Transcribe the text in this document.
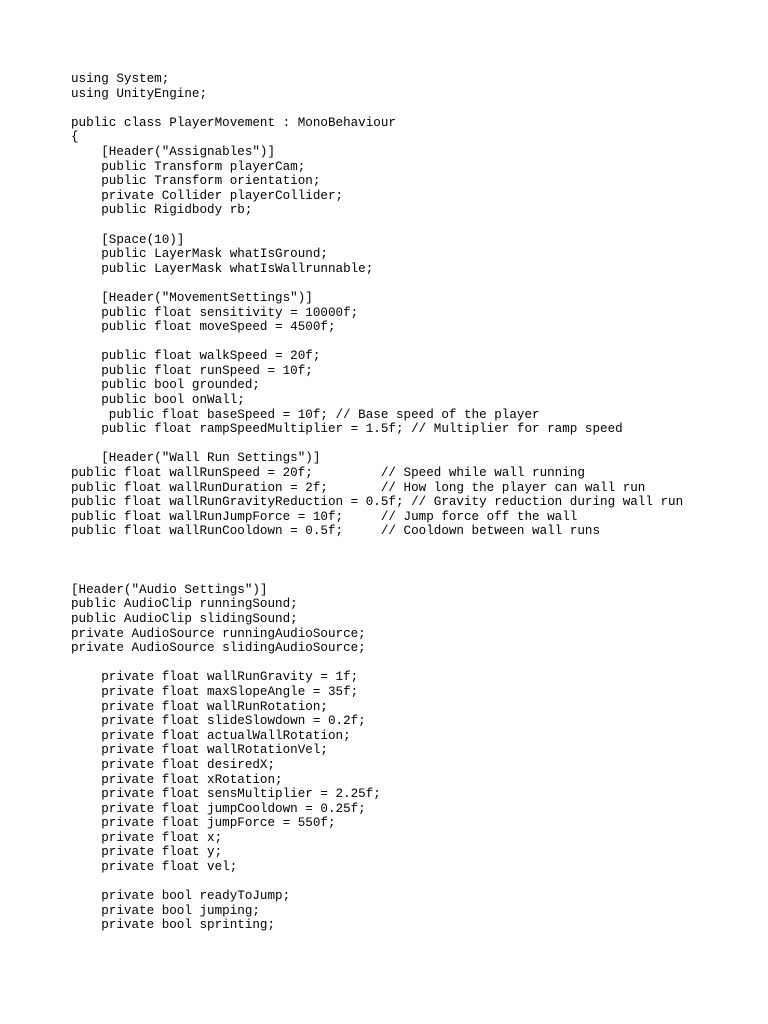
using System;
using UnityEngine;
public class PlayerMovement : MonoBehaviour
{
[Header("Assignables")]
public Transform playerCam;
public Transform orientation;
private Collider playerCollider;
public Rigidbody rb;
[Space(10)]
public LayerMask whatIsGround;
public LayerMask whatIsWallrunnable;
[Header("MovementSettings")]
public float sensitivity = 10000f;
public float moveSpeed = 4500f;
public float walkSpeed = 20f;
public float runSpeed = 10f;
public bool grounded;
public bool onWall;
public float baseSpeed = 10f; // Base speed of the player
public float rampSpeedMultiplier = 1.5f; // Multiplier for ramp speed
[Header("Wall Run Settings")]
public float wallRunSpeed = 20f;         // Speed while wall running
public float wallRunDuration = 2f;       // How long the player can wall run
public float wallRunGravityReduction = 0.5f; // Gravity reduction during wall run
public float wallRunJumpForce = 10f;     // Jump force off the wall
public float wallRunCooldown = 0.5f;     // Cooldown between wall runs
[Header("Audio Settings")]
public AudioClip runningSound;
public AudioClip slidingSound;
private AudioSource runningAudioSource;
private AudioSource slidingAudioSource;
private float wallRunGravity = 1f;
private float maxSlopeAngle = 35f;
private float wallRunRotation;
private float slideSlowdown = 0.2f;
private float actualWallRotation;
private float wallRotationVel;
private float desiredX;
private float xRotation;
private float sensMultiplier = 2.25f;
private float jumpCooldown = 0.25f;
private float jumpForce = 550f;
private float x;
private float y;
private float vel;
private bool readyToJump;
private bool jumping;
private bool sprinting;
